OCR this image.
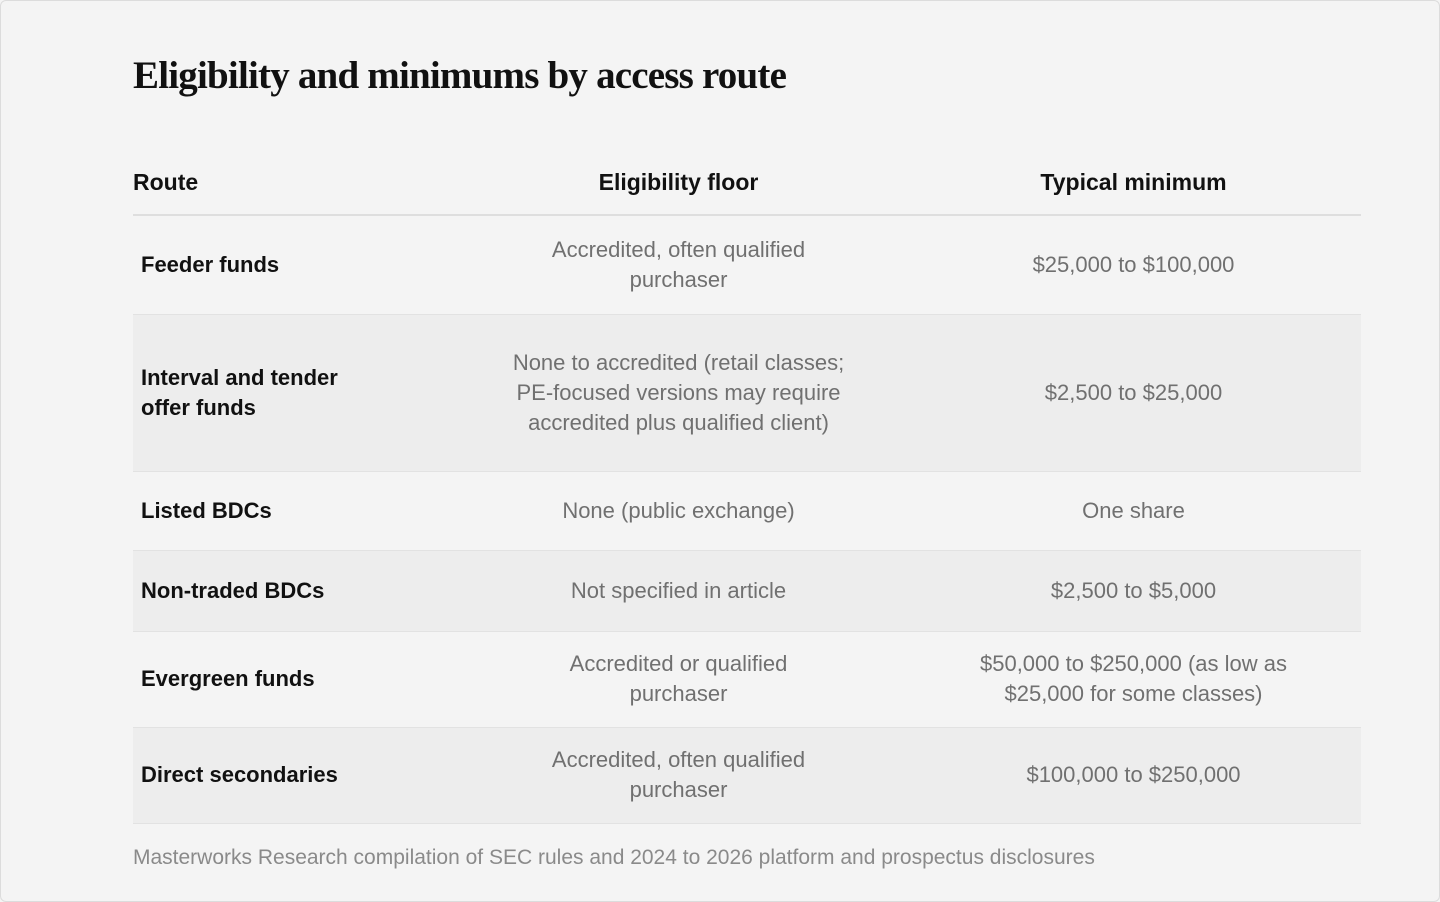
Eligibility and minimums by access route
Route	Eligibility floor	Typical minimum
Feeder funds	Accredited, often qualified purchaser	$25,000 to $100,000
Interval and tender offer funds	None to accredited (retail classes; PE-focused versions may require accredited plus qualified client)	$2,500 to $25,000
Listed BDCs	None (public exchange)	One share
Non-traded BDCs	Not specified in article	$2,500 to $5,000
Evergreen funds	Accredited or qualified purchaser	$50,000 to $250,000 (as low as $25,000 for some classes)
Direct secondaries	Accredited, often qualified purchaser	$100,000 to $250,000
Masterworks Research compilation of SEC rules and 2024 to 2026 platform and prospectus disclosures
